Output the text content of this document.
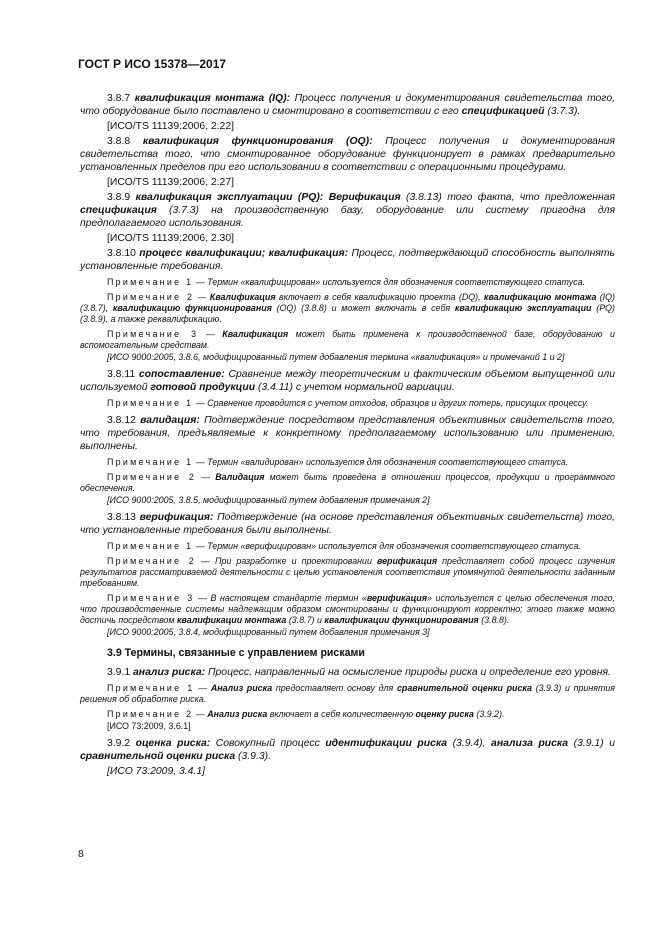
ГОСТ Р ИСО 15378—2017

3.8.7 квалификация монтажа (IQ): Процесс получения и документирования свидетельства того, что оборудование было поставлено и смонтировано в соответствии с его спецификацией (3.7.3).

[ИСО/TS 11139:2006, 2.22]

3.8.8 квалификация функционирования (OQ): Процесс получения и документирования свидетельства того, что смонтированное оборудование функционирует в рамках предварительно установленных пределов при его использовании в соответствии с операционными процедурами.

[ИСО/TS 11139:2006, 2.27]

3.8.9 квалификация эксплуатации (PQ): Верификация (3.8.13) того факта, что предложенная спецификация (3.7.3) на производственную базу, оборудование или систему пригодна для предполагаемого использования.

[ИСО/TS 11139:2006, 2.30]

3.8.10 процесс квалификации; квалификация: Процесс, подтверждающий способность выполнять установленные требования.

Примечание 1 — Термин «квалифицирован» используется для обозначения соответствующего статуса.

Примечание 2 — Квалификация включает в себя квалификацию проекта (DQ), квалификацию монтажа (IQ) (3.8.7), квалификацию функционирования (OQ) (3.8.8) и может включать в себя квалификацию эксплуатации (PQ) (3.8.9), а также реквалификацию.

Примечание 3 — Квалификация может быть применена к производственной базе, оборудованию и вспомогательным средствам.

[ИСО 9000:2005, 3.8.6, модифицированный путем добавления термина «квалификация» и примечаний 1 и 2]

3.8.11 сопоставление: Сравнение между теоретическим и фактическим объемом выпущенной или используемой готовой продукции (3.4.11) с учетом нормальной вариации.

Примечание 1 — Сравнение проводится с учетом отходов, образцов и других потерь, присущих процессу.

3.8.12 валидация: Подтверждение посредством представления объективных свидетельств того, что требования, предъявляемые к конкретному предполагаемому использованию или применению, выполнены.

Примечание 1 — Термин «валидирован» используется для обозначения соответствующего статуса.

Примечание 2 — Валидация может быть проведена в отношении процессов, продукции и программного обеспечения.

[ИСО 9000:2005, 3.8.5, модифицированный путем добавления примечания 2]

3.8.13 верификация: Подтверждение (на основе представления объективных свидетельств) того, что установленные требования были выполнены.

Примечание 1 — Термин «верифицирован» используется для обозначения соответствующего статуса.

Примечание 2 — При разработке и проектировании верификация представляет собой процесс изучения результатов рассматриваемой деятельности с целью установления соответствия упомянутой деятельности заданным требованиям.

Примечание 3 — В настоящем стандарте термин «верификация» используется с целью обеспечения того, что производственные системы надлежащим образом смонтированы и функционируют корректно; этого также можно достичь посредством квалификации монтажа (3.8.7) и квалификации функционирования (3.8.8).

[ИСО 9000:2005, 3.8.4, модифицированный путем добавления примечания 3]

3.9 Термины, связанные с управлением рисками

3.9.1 анализ риска: Процесс, направленный на осмысление природы риска и определение его уровня.

Примечание 1 — Анализ риска предоставляет основу для сравнительной оценки риска (3.9.3) и принятия решения об обработке риска.

Примечание 2 — Анализ риска включает в себя количественную оценку риска (3.9.2).

[ИСО 73:2009, 3.6.1]

3.9.2 оценка риска: Совокупный процесс идентификации риска (3.9.4), анализа риска (3.9.1) и сравнительной оценки риска (3.9.3).

[ИСО 73:2009, 3.4.1]

8
